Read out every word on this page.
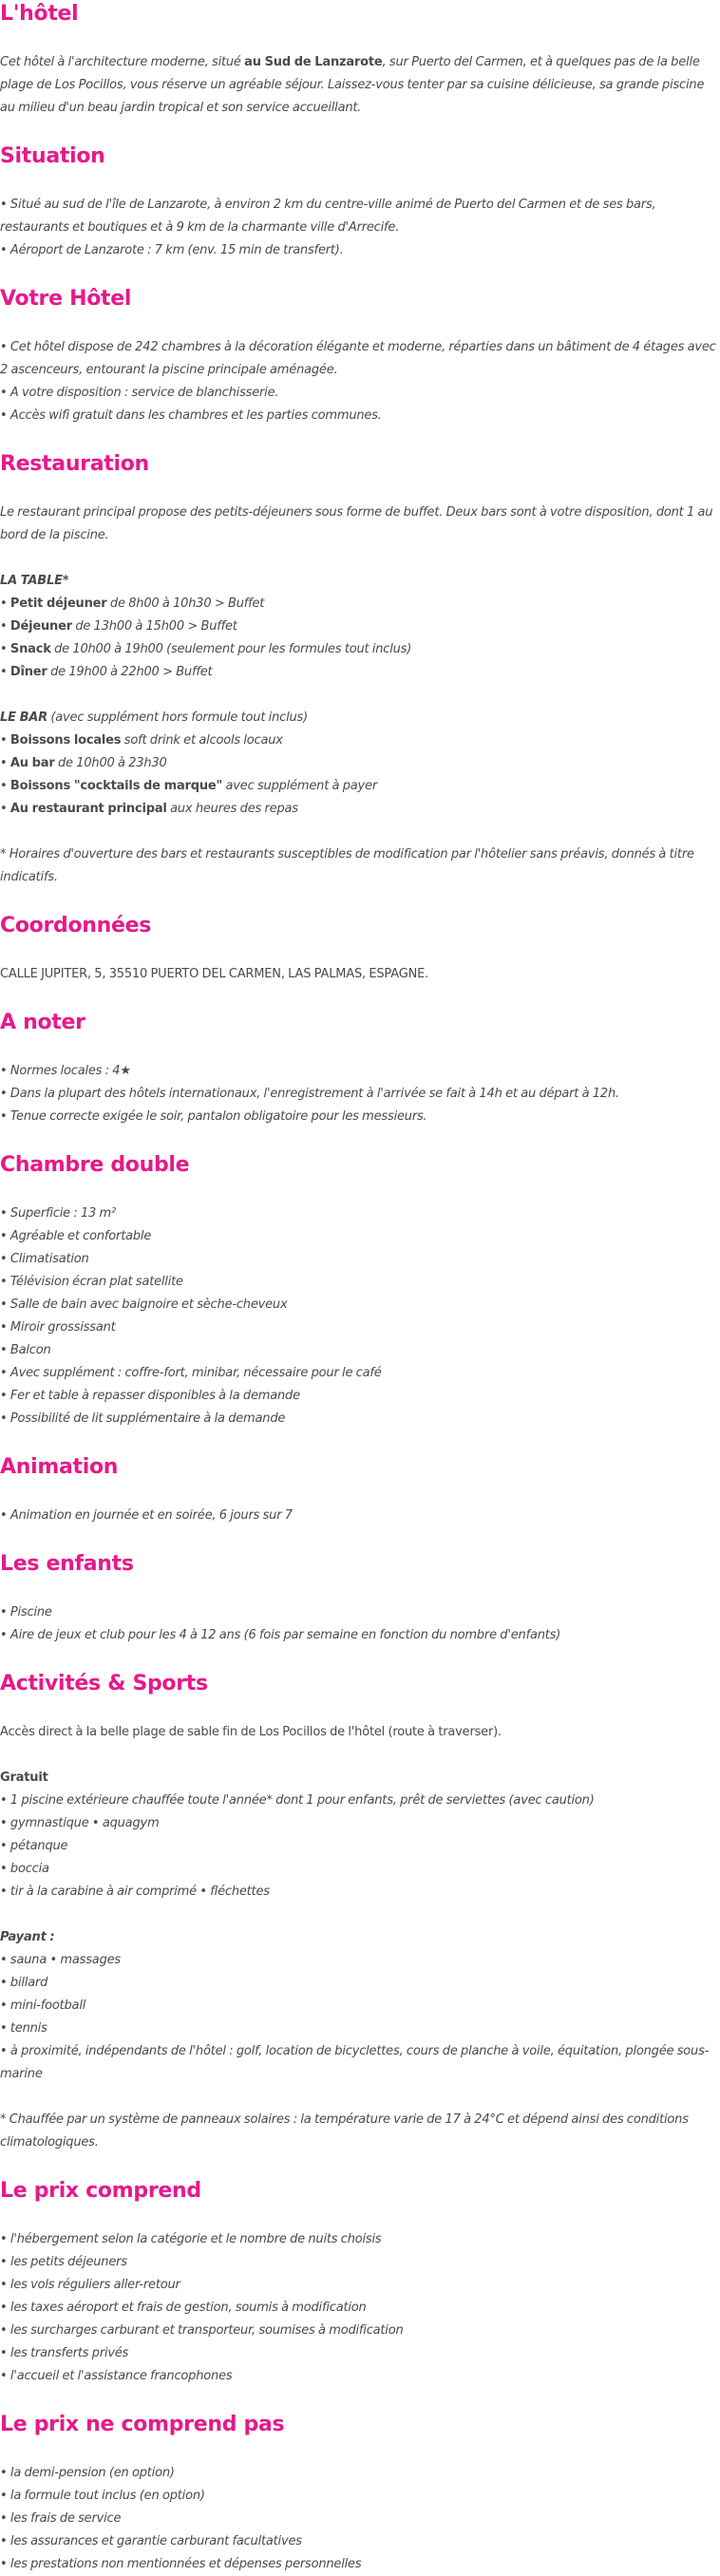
L'hôtel

Cet hôtel à l'architecture moderne, situé au Sud de Lanzarote, sur Puerto del Carmen, et à quelques pas de la belle plage de Los Pocillos, vous réserve un agréable séjour. Laissez-vous tenter par sa cuisine délicieuse, sa grande piscine au milieu d'un beau jardin tropical et son service accueillant.

Situation

• Situé au sud de l'île de Lanzarote, à environ 2 km du centre-ville animé de Puerto del Carmen et de ses bars, restaurants et boutiques et à 9 km de la charmante ville d'Arrecife.

• Aéroport de Lanzarote : 7 km (env. 15 min de transfert).

Votre Hôtel

• Cet hôtel dispose de 242 chambres à la décoration élégante et moderne, réparties dans un bâtiment de 4 étages avec 2 ascenceurs, entourant la piscine principale aménagée.

• A votre disposition : service de blanchisserie.

• Accès wifi gratuit dans les chambres et les parties communes.

Restauration

Le restaurant principal propose des petits-déjeuners sous forme de buffet. Deux bars sont à votre disposition, dont 1 au bord de la piscine.

LA TABLE*

• Petit déjeuner de 8h00 à 10h30 > Buffet

• Déjeuner de 13h00 à 15h00 > Buffet

• Snack de 10h00 à 19h00 (seulement pour les formules tout inclus)

• Dîner de 19h00 à 22h00 > Buffet

LE BAR (avec supplément hors formule tout inclus)

• Boissons locales soft drink et alcools locaux

• Au bar de 10h00 à 23h30

• Boissons "cocktails de marque" avec supplément à payer

• Au restaurant principal aux heures des repas

* Horaires d'ouverture des bars et restaurants susceptibles de modification par l'hôtelier sans préavis, donnés à titre indicatifs.

Coordonnées

CALLE JUPITER, 5, 35510 PUERTO DEL CARMEN, LAS PALMAS, ESPAGNE.

A noter

• Normes locales : 4★

• Dans la plupart des hôtels internationaux, l'enregistrement à l'arrivée se fait à 14h et au départ à 12h.

• Tenue correcte exigée le soir, pantalon obligatoire pour les messieurs.

Chambre double

• Superficie : 13 m²

• Agréable et confortable

• Climatisation

• Télévision écran plat satellite

• Salle de bain avec baignoire et sèche-cheveux

• Miroir grossissant

• Balcon

• Avec supplément : coffre-fort, minibar, nécessaire pour le café

• Fer et table à repasser disponibles à la demande

• Possibilité de lit supplémentaire à la demande

Animation

• Animation en journée et en soirée, 6 jours sur 7

Les enfants

• Piscine

• Aire de jeux et club pour les 4 à 12 ans (6 fois par semaine en fonction du nombre d'enfants)

Activités & Sports

Accès direct à la belle plage de sable fin de Los Pocillos de l'hôtel (route à traverser).

Gratuit

• 1 piscine extérieure chauffée toute l'année* dont 1 pour enfants, prêt de serviettes (avec caution)

• gymnastique • aquagym

• pétanque

• boccia

• tir à la carabine à air comprimé • fléchettes

Payant :

• sauna • massages

• billard

• mini-football

• tennis

• à proximité, indépendants de l'hôtel : golf, location de bicyclettes, cours de planche à voile, équitation, plongée sous-marine

* Chauffée par un système de panneaux solaires : la température varie de 17 à 24°C et dépend ainsi des conditions climatologiques.

Le prix comprend

• l'hébergement selon la catégorie et le nombre de nuits choisis

• les petits déjeuners

• les vols réguliers aller-retour

• les taxes aéroport et frais de gestion, soumis à modification

• les surcharges carburant et transporteur, soumises à modification

• les transferts privés

• l'accueil et l'assistance francophones

Le prix ne comprend pas

• la demi-pension (en option)

• la formule tout inclus (en option)

• les frais de service

• les assurances et garantie carburant facultatives

• les prestations non mentionnées et dépenses personnelles
